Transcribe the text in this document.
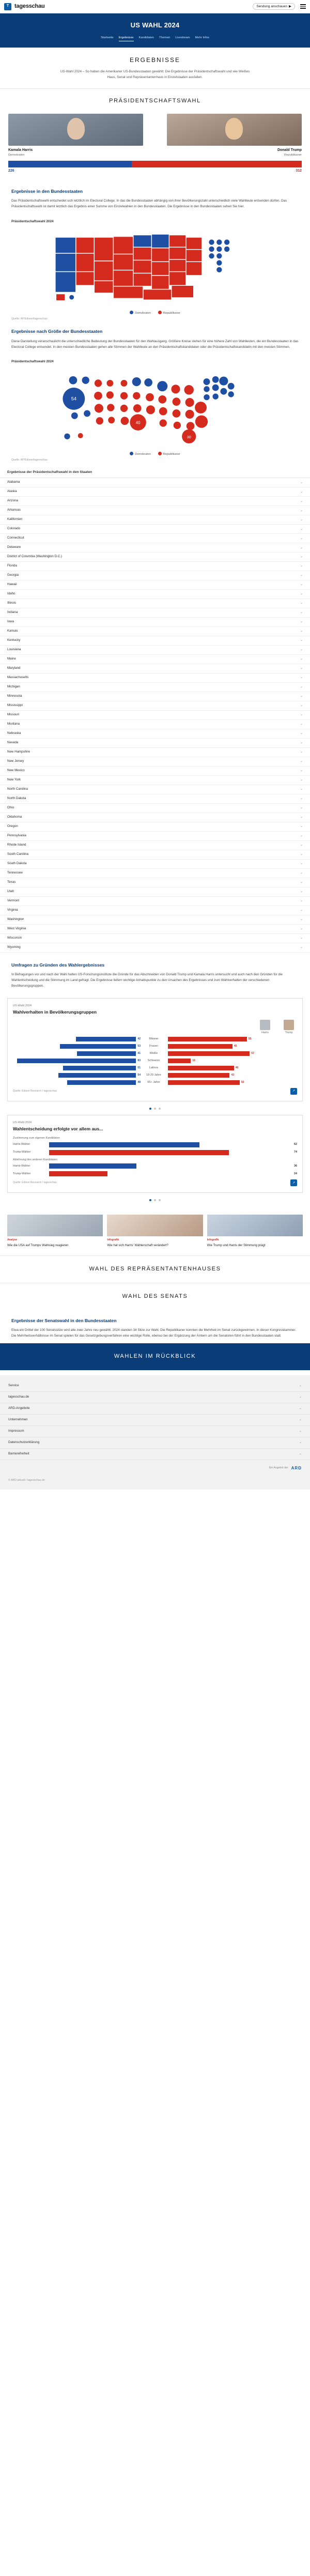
T tagesschau	Sendung anschauen ▶
US WAHL 2024
Startseite Ergebnisse Kandidaten Themen Livestream Mehr Infos
ERGEBNISSE

US-Wahl 2024 – So haben die Amerikaner US-Bundesstaaten gewählt: Die Ergebnisse der Präsidentschaftswahl und wie Weißes Haus, Senat und Repräsentantenhaus in Einzelstaaten ausfallen.

PRÄSIDENTSCHAFTSWAHL
Kamala Harris
Demokraten
Donald Trump
Republikaner
226	312
Ergebnisse in den Bundesstaaten

Das Präsidentschaftswahl entscheidet sich letztlich im Electoral College. In das die Bundesstaaten abhängig von ihrer Bevölkerungszahl unterschiedlich viele Wahlleute entsenden dürfen. Das Präsidentschaftswahl ist damit letztlich das Ergebnis einer Summe von Einzelwahlen in den Bundesstaaten. Die Ergebnisse in den Bundesstaaten sehen Sie hier.

Präsidentschaftswahl 2024
Demokraten	Republikaner
Quelle: AP/Edison/tagesschau
Ergebnisse nach Größe der Bundesstaaten

Diese Darstellung veranschaulicht die unterschiedliche Bedeutung der Bundesstaaten für den Wahlausgang. Größere Kreise stehen für eine höhere Zahl von Wahlleuten, die ein Bundesstaaten in das Electoral College entsendet. In den meisten Bundesstaaten gehen alle Stimmen der Wahlleute an den Präsidentschaftskandidaten oder die Präsidentschaftskandidatin mit den meisten Stimmen.

Präsidentschaftswahl 2024
54
40
30
Demokraten	Republikaner
Quelle: AP/Edison/tagesschau
Ergebnisse der Präsidentschaftswahl in den Staaten
Alabama	⌄
Alaska	⌄
Arizona	⌄
Arkansas	⌄
Kalifornien	⌄
Colorado	⌄
Connecticut	⌄
Delaware	⌄
District of Columbia (Washington D.C.)	⌄
Florida	⌄
Georgia	⌄
Hawaii	⌄
Idaho	⌄
Illinois	⌄
Indiana	⌄
Iowa	⌄
Kansas	⌄
Kentucky	⌄
Louisiana	⌄
Maine	⌄
Maryland	⌄
Massachusetts	⌄
Michigan	⌄
Minnesota	⌄
Mississippi	⌄
Missouri	⌄
Montana	⌄
Nebraska	⌄
Nevada	⌄
New Hampshire	⌄
New Jersey	⌄
New Mexico	⌄
New York	⌄
North Carolina	⌄
North Dakota	⌄
Ohio	⌄
Oklahoma	⌄
Oregon	⌄
Pennsylvania	⌄
Rhode Island	⌄
South Carolina	⌄
South Dakota	⌄
Tennessee	⌄
Texas	⌄
Utah	⌄
Vermont	⌄
Virginia	⌄
Washington	⌄
West Virginia	⌄
Wisconsin	⌄
Wyoming	⌄
Umfragen zu Gründen des Wahlergebnisses

In Befragungen vor und nach der Wahl halten US-Forschungsinstitute die Gründe für das Abschneiden von Donald Trump und Kamala Harris untersucht und auch nach den Gründen für die Wahlentscheidung und die Stimmung im Land gefragt. Die Ergebnisse liefern wichtige Anhaltspunkte zu den Ursachen des Ergebnisses und zum Wahlverhalten der verschiedenen Bevölkerungsgruppen.

US-Wahl 2024
Wahlverhalten in Bevölkerungsgruppen
Harris	Trump
42	Männer	55
53	Frauen	45
41	Weiße	57
83	Schwarze	16
51	Latinos	46
54	18-29 Jahre	43
48	65+ Jahre	50
Quelle: Edison Research / tagesschau	↗
US-Wahl 2024
Wahlentscheidung erfolgte vor allem aus...
Zustimmung zum eigenen Kandidaten
Harris-Wähler	62
Trump-Wähler	74
Ablehnung des anderen Kandidaten
Harris-Wähler	36
Trump-Wähler	24
Quelle: Edison Research / tagesschau	↗
Analyse
Wie die USA auf Trumps Wahlsieg reagieren
Infografik
Wie hat sich Harris' Wählerschaft verändert?
Infografik
Wie Trump und Harris der Stimmung prägt
WAHL DES REPRÄSENTANTENHAUSES
WAHL DES SENATS
Ergebnisse der Senatswahl in den Bundesstaaten

Etwa ein Drittel der 100 Senatssitze wird alle zwei Jahre neu gewählt. 2024 standen 34 Sitze zur Wahl. Die Republikaner konnten die Mehrheit im Senat zurückgewinnen. In dieser Kongresskammer. Die Mehrheitsverhältnisse im Senat spielen für das Gesetzgebungsverfahren eine wichtige Rolle, ebenso bei der Ergänzung der Ämtern um die Senatoren führt in den Bundesstaaten statt.

WAHLEN IM RÜCKBLICK
Service	⌄
tagesschau.de	⌄
ARD-Angebote	⌄
Unternehmen	⌄
Impressum	⌄
Datenschutzerklärung	⌄
Barrierefreiheit	⌄
Ein Angebot der ARD
© ARD-aktuell / tagesschau.de
